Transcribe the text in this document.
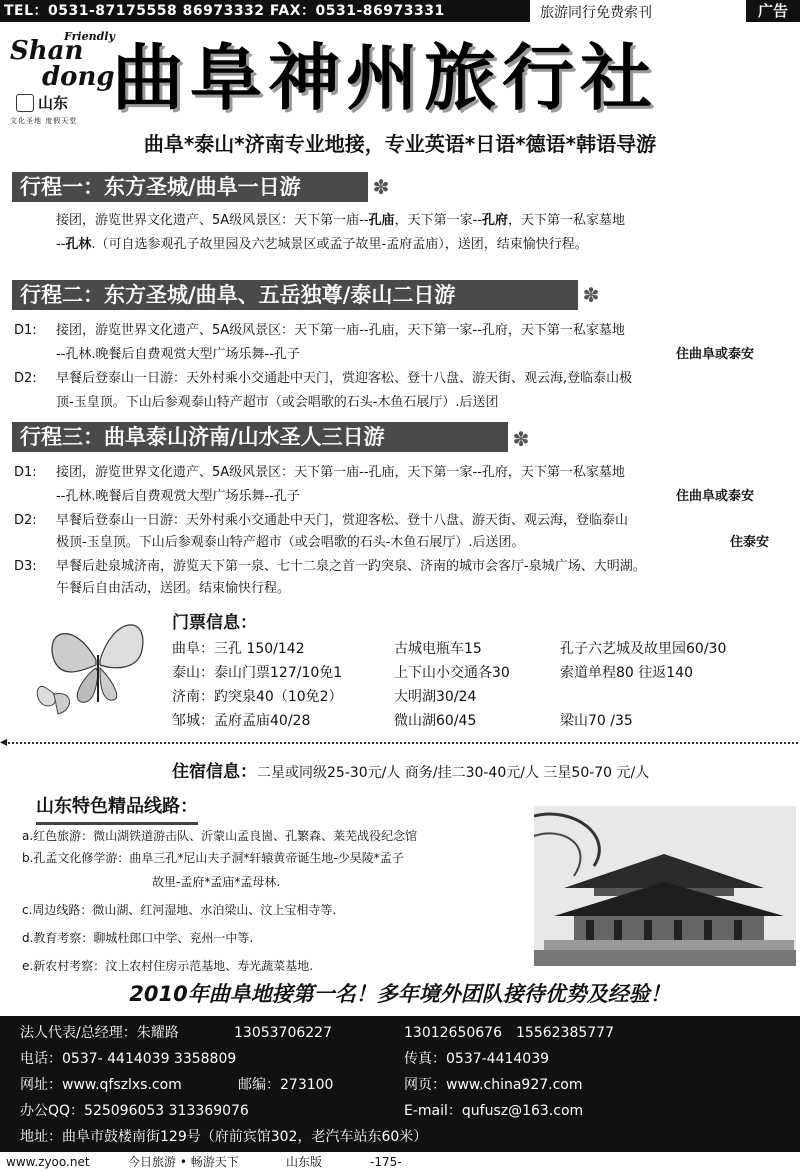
TEL：0531-87175558 86973332 FAX：0531-86973331	旅游同行免费索刊	广告
Friendly
Shan
dong
山东
文化圣地 度假天堂
曲阜神州旅行社
曲阜*泰山*济南专业地接，专业英语*日语*德语*韩语导游
行程一：东方圣城/曲阜一日游	✽
接团，游览世界文化遗产、5A级风景区：天下第一庙--孔庙，天下第一家--孔府，天下第一私家墓地
--孔林.（可自选参观孔子故里园及六艺城景区或孟子故里-孟府孟庙），送团，结束愉快行程。
行程二：东方圣城/曲阜、五岳独尊/泰山二日游	✽
D1: 接团，游览世界文化遗产、5A级风景区：天下第一庙--孔庙，天下第一家--孔府，天下第一私家墓地
--孔林.晚餐后自费观赏大型广场乐舞--孔子	住曲阜或泰安
D2: 早餐后登泰山一日游：天外村乘小交通赴中天门，赏迎客松、登十八盘、游天街、观云海,登临泰山极
顶-玉皇顶。下山后参观泰山特产超市（或会唱歌的石头-木鱼石展厅）.后送团
行程三：曲阜泰山济南/山水圣人三日游	✽
D1: 接团，游览世界文化遗产、5A级风景区：天下第一庙--孔庙，天下第一家--孔府，天下第一私家墓地
--孔林.晚餐后自费观赏大型广场乐舞--孔子	住曲阜或泰安
D2: 早餐后登泰山一日游：天外村乘小交通赴中天门，赏迎客松、登十八盘、游天街、观云海，登临泰山
极顶-玉皇顶。下山后参观泰山特产超市（或会唱歌的石头-木鱼石展厅）.后送团。	住泰安
D3: 早餐后赴泉城济南，游览天下第一泉、七十二泉之首一趵突泉、济南的城市会客厅-泉城广场、大明湖。
午餐后自由活动，送团。结束愉快行程。
门票信息：
曲阜：三孔 150/142	古城电瓶车15	孔子六艺城及故里园60/30
泰山：泰山门票127/10免1	上下山小交通各30	索道单程80 往返140
济南：趵突泉40（10免2）	大明湖30/24
邹城：孟府孟庙40/28	微山湖60/45	梁山70 /35
◂
住宿信息：二星或同级25-30元/人 商务/挂二30-40元/人 三星50-70 元/人
山东特色精品线路：
a.红色旅游：微山湖铁道游击队、沂蒙山孟良崮、孔繁森、莱芜战役纪念馆
b.孔孟文化修学游：曲阜三孔*尼山夫子洞*轩辕黄帝诞生地-少昊陵*孟子
故里-孟府*孟庙*孟母林.
c.周边线路：微山湖、红河湿地、水泊梁山、汶上宝相寺等.
d.教育考察：聊城杜郎口中学、兖州一中等.
e.新农村考察：汶上农村住房示范基地、寿光蔬菜基地.
2010年曲阜地接第一名！多年境外团队接待优势及经验！
法人代表/总经理：朱耀路	13053706227	13012650676 15562385777
电话：0537- 4414039 3358809	传真：0537-4414039
网址：www.qfszlxs.com	邮编：273100	网页：www.china927.com
办公QQ：525096053 313369076	E-mail：qufusz@163.com
地址：曲阜市鼓楼南街129号（府前宾馆302，老汽车站东60米）
www.zyoo.net	今日旅游 • 畅游天下	山东版	-175-
